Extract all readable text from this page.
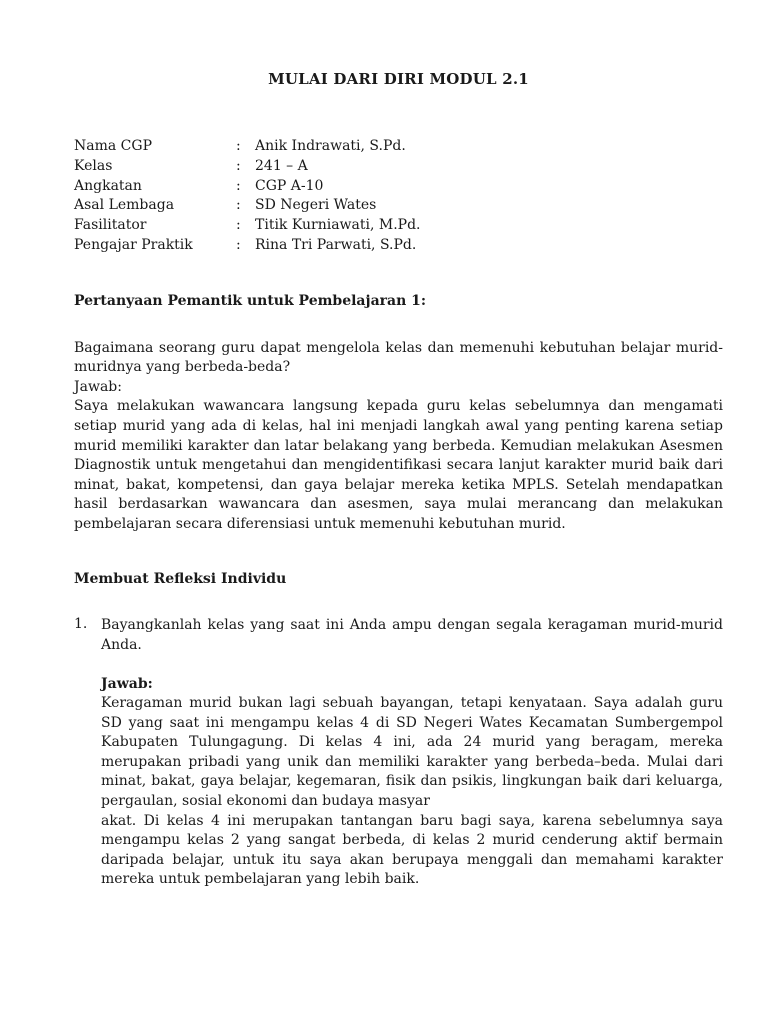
MULAI DARI DIRI MODUL 2.1
Nama CGP	:	Anik Indrawati, S.Pd.
Kelas	:	241 – A
Angkatan	:	CGP A-10
Asal Lembaga	:	SD Negeri Wates
Fasilitator	:	Titik Kurniawati, M.Pd.
Pengajar Praktik	:	Rina Tri Parwati, S.Pd.
Pertanyaan Pemantik untuk Pembelajaran 1:

Bagaimana seorang guru dapat mengelola kelas dan memenuhi kebutuhan belajar murid-muridnya yang berbeda-beda?

Jawab:

Saya melakukan wawancara langsung kepada guru kelas sebelumnya dan mengamati setiap murid yang ada di kelas, hal ini menjadi langkah awal yang penting karena setiap murid memiliki karakter dan latar belakang yang berbeda. Kemudian melakukan Asesmen Diagnostik untuk mengetahui dan mengidentifikasi secara lanjut karakter murid baik dari minat, bakat, kompetensi, dan gaya belajar mereka ketika MPLS. Setelah mendapatkan hasil berdasarkan wawancara dan asesmen, saya mulai merancang dan melakukan pembelajaran secara diferensiasi untuk memenuhi kebutuhan murid.

Membuat Refleksi Individu
1. Bayangkanlah kelas yang saat ini Anda ampu dengan segala keragaman murid-murid Anda.

Jawab:

Keragaman murid bukan lagi sebuah bayangan, tetapi kenyataan. Saya adalah guru SD yang saat ini mengampu kelas 4 di SD Negeri Wates Kecamatan Sumbergempol Kabupaten Tulungagung. Di kelas 4 ini, ada 24 murid yang beragam, mereka merupakan pribadi yang unik dan memiliki karakter yang berbeda–beda. Mulai dari minat, bakat, gaya belajar, kegemaran, fisik dan psikis, lingkungan baik dari keluarga, pergaulan, sosial ekonomi dan budaya masyar

akat. Di kelas 4 ini merupakan tantangan baru bagi saya, karena sebelumnya saya mengampu kelas 2 yang sangat berbeda, di kelas 2 murid cenderung aktif bermain daripada belajar, untuk itu saya akan berupaya menggali dan memahami karakter mereka untuk pembelajaran yang lebih baik.
